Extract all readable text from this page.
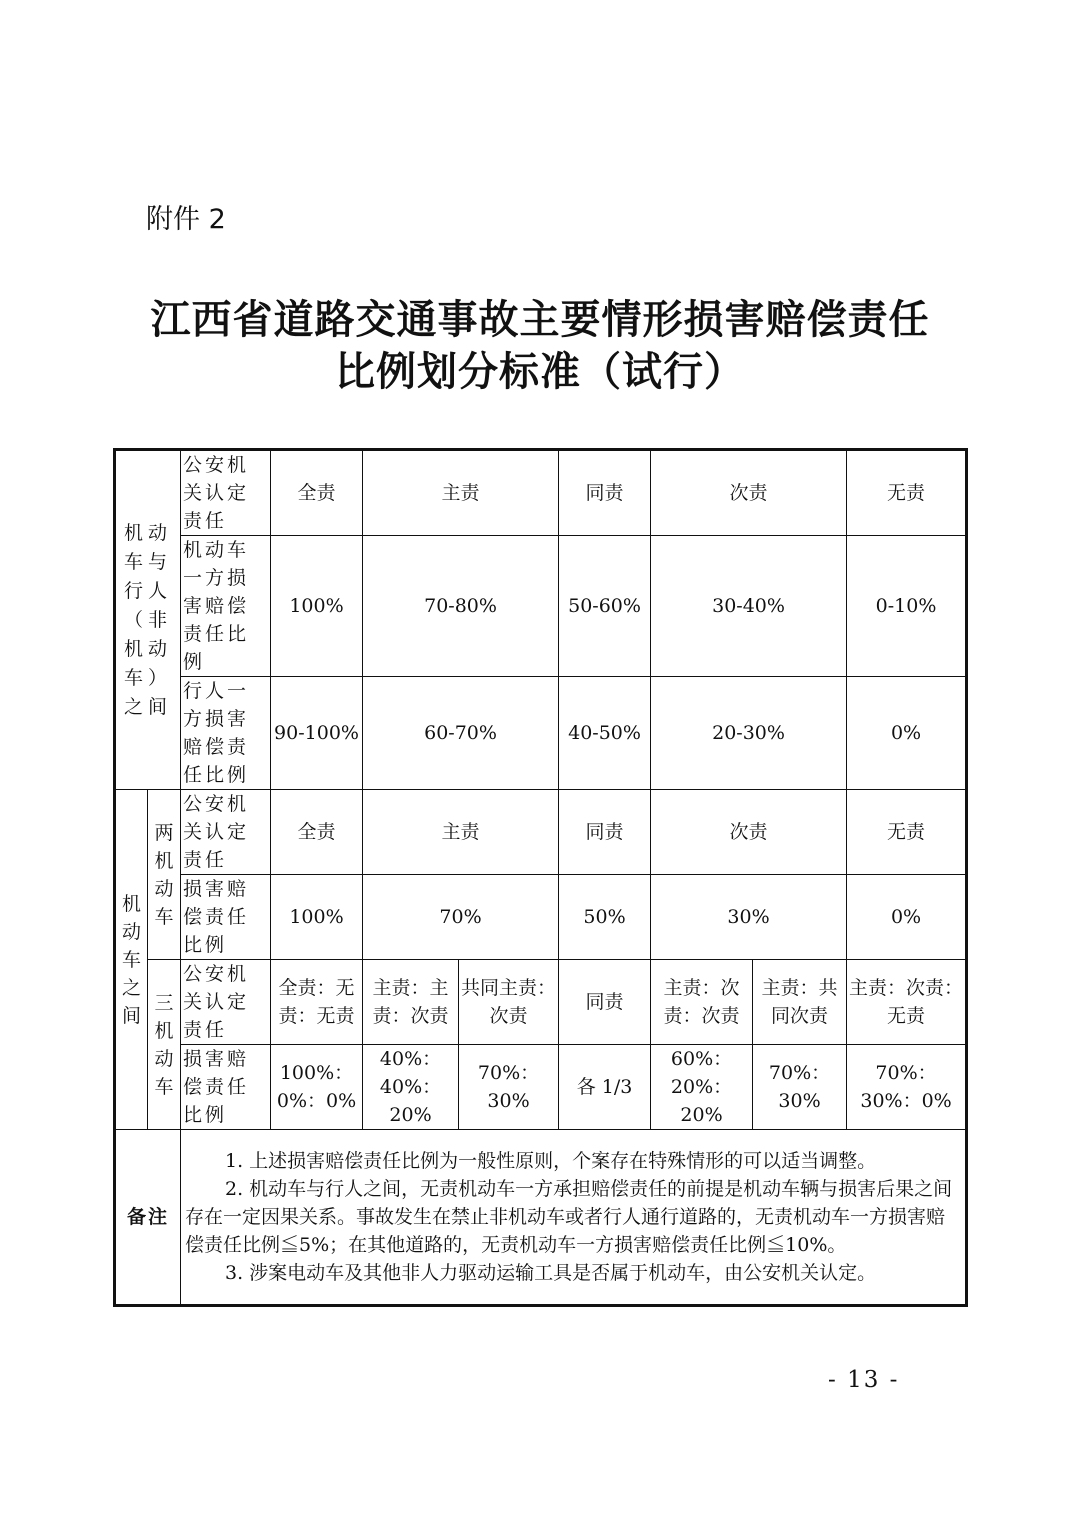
附件 2
江西省道路交通事故主要情形损害赔偿责任
比例划分标准（试行）
机动车与行人（非机动车）之间		公安机关认定责任	全责	主责		同责	次责		无责
		机动车一方损害赔偿责任比例	100%	70-80%		50-60%	30-40%		0-10%
		行人一方损害赔偿责任比例	90-100%	60-70%		40-50%	20-30%		0%

机动车之间	两机动车	公安机关认定责任	全责	主责		同责	次责		无责
		损害赔偿责任比例	100%	70%		50%	30%		0%

	三机动车	公安机关认定责任	全责：无责：无责	主责：主责：次责	共同主责：次责	同责	主责：次责：次责	主责：共同次责	主责：次责：无责
		损害赔偿责任比例	100%：0%：0%	40%：40%：20%	70%：30%	各 1/3	60%：20%：20%	70%：30%	70%：30%：0%
备注		1. 上述损害赔偿责任比例为一般性原则，个案存在特殊情形的可以适当调整。

2. 机动车与行人之间，无责机动车一方承担赔偿责任的前提是机动车辆与损害后果之间存在一定因果关系。事故发生在禁止非机动车或者行人通行道路的，无责机动车一方损害赔偿责任比例≦5%；在其他道路的，无责机动车一方损害赔偿责任比例≦10%。

3. 涉案电动车及其他非人力驱动运输工具是否属于机动车，由公安机关认定。							

- 13 -
